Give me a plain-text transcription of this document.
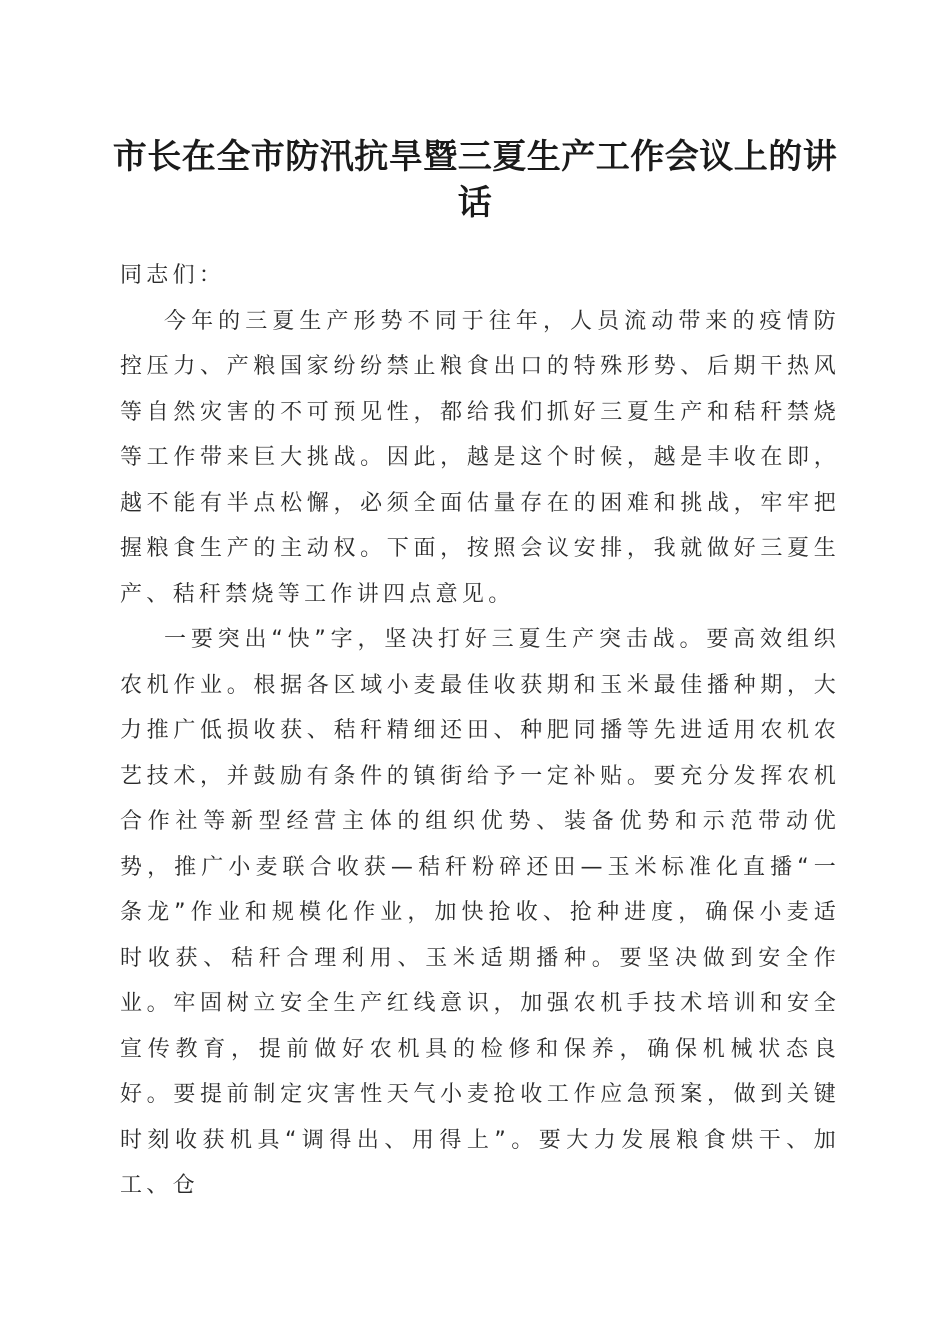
市长在全市防汛抗旱暨三夏生产工作会议上的讲话

同志们：

今年的三夏生产形势不同于往年，人员流动带来的疫情防控压力、产粮国家纷纷禁止粮食出口的特殊形势、后期干热风等自然灾害的不可预见性，都给我们抓好三夏生产和秸秆禁烧等工作带来巨大挑战。因此，越是这个时候，越是丰收在即，越不能有半点松懈，必须全面估量存在的困难和挑战，牢牢把握粮食生产的主动权。下面，按照会议安排，我就做好三夏生产、秸秆禁烧等工作讲四点意见。

一要突出“快”字，坚决打好三夏生产突击战。要高效组织农机作业。根据各区域小麦最佳收获期和玉米最佳播种期，大力推广低损收获、秸秆精细还田、种肥同播等先进适用农机农艺技术，并鼓励有条件的镇街给予一定补贴。要充分发挥农机合作社等新型经营主体的组织优势、装备优势和示范带动优势，推广小麦联合收获—秸秆粉碎还田—玉米标准化直播“一条龙”作业和规模化作业，加快抢收、抢种进度，确保小麦适时收获、秸秆合理利用、玉米适期播种。要坚决做到安全作业。牢固树立安全生产红线意识，加强农机手技术培训和安全宣传教育，提前做好农机具的检修和保养，确保机械状态良好。要提前制定灾害性天气小麦抢收工作应急预案，做到关键时刻收获机具“调得出、用得上”。要大力发展粮食烘干、加工、仓
